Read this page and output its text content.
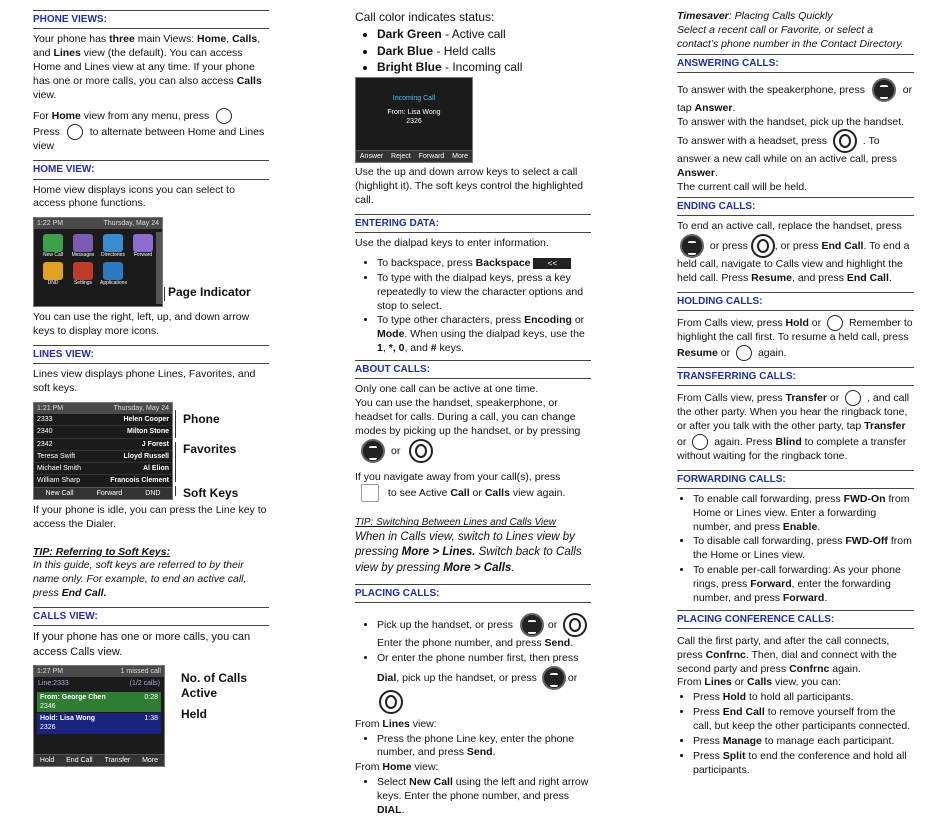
PHONE VIEWS:

Your phone has three main Views: Home, Calls, and Lines view (the default). You can access Home and Lines view at any time. If your phone has one or more calls, you can also access Calls view.

For Home view from any menu, press

Press	to alternate between Home and Lines view

HOME VIEW:

Home view displays icons you can select to access phone functions.

1:22 PM	Thursday, May 24
New Call	Messages	Directories	Forward
DND	Settings	Applications
Page Indicator

You can use the right, left, up, and down arrow keys to display more icons.

LINES VIEW:

Lines view displays phone Lines, Favorites, and soft keys.

1:21 PM	Thursday, May 24
2333	Helen Cooper
2340	Milton Stone
2342	J Forest
Teresa Swift	Lloyd Russell
Michael Smith	Al Elion
William Sharp	Francois Clement
New Call	Forward	DND
Phone
Favorites
Soft Keys

If your phone is idle, you can press the Line key to access the Dialer.

TIP: Referring to Soft Keys:

In this guide, soft keys are referred to by their name only. For example, to end an active call, press End Call.

CALLS VIEW:

If your phone has one or more calls, you can access Calls view.

1:27 PM	1 missed call
Line:2333	(1/2 calls)
From: George Chen	0:28
2346
Hold: Lisa Wong	1:38
2326
Hold End Call Transfer More
No. of Calls
Active
Held

Call color indicates status:

• Dark Green - Active call
• Dark Blue - Held calls
• Bright Blue - Incoming call
Incoming Call
From: Lisa Wong
2326
Answer Reject Forward More

Use the up and down arrow keys to select a call (highlight it). The soft keys control the highlighted call.

ENTERING DATA:

Use the dialpad keys to enter information.

• To backspace, press Backspace <<
• To type with the dialpad keys, press a key repeatedly to view the character options and stop to select.
• To type other characters, press Encoding or Mode. When using the dialpad keys, use the 1, *, 0, and # keys.
ABOUT CALLS:

Only one call can be active at one time.

You can use the handset, speakerphone, or headset for calls. During a call, you can change modes by picking up the handset, or by pressing or

If you navigate away from your call(s), press  to see Active Call or Calls view again.

TIP: Switching Between Lines and Calls View

When in Calls view, switch to Lines view by pressing More > Lines. Switch back to Calls view by pressing More > Calls.

PLACING CALLS:
• Pick up the handset, or press	or
Enter the phone number, and press Send.
• Or enter the phone number first, then press
Dial, pick up the handset, or press	or

From Lines view:

• Press the phone Line key, enter the phone number, and press Send.

From Home view:

• Select New Call using the left and right arrow keys. Enter the phone number, and press DIAL.

Timesaver: Placing Calls Quickly

Select a recent call or Favorite, or select a contact’s phone number in the Contact Directory.

ANSWERING CALLS:

To answer with the speakerphone, press	or tap Answer.

To answer with the handset, pick up the handset.

To answer with a headset, press	. To answer a new call while on an active call, press Answer.

The current call will be held.

ENDING CALLS:

To end an active call, replace the handset, press  or press	, or press End Call. To end a held call, navigate to Calls view and highlight the held call. Press Resume, and press End Call.

HOLDING CALLS:

From Calls view, press Hold or	Remember to highlight the call first. To resume a held call, press Resume or	again.

TRANSFERRING CALLS:

From Calls view, press Transfer or	, and call the other party. When you hear the ringback tone, or after you talk with the other party, tap Transfer or	again. Press Blind to complete a transfer without waiting for the ringback tone.

FORWARDING CALLS:
• To enable call forwarding, press FWD-On from Home or Lines view. Enter a forwarding number, and press Enable.
• To disable call forwarding, press FWD-Off from the Home or Lines view.
• To enable per-call forwarding: As your phone rings, press Forward, enter the forwarding number, and press Forward.
PLACING CONFERENCE CALLS:

Call the first party, and after the call connects, press Confrnc. Then, dial and connect with the second party and press Confrnc again.

From Lines or Calls view, you can:

• Press Hold to hold all participants.
• Press End Call to remove yourself from the call, but keep the other participants connected.
• Press Manage to manage each participant.
• Press Split to end the conference and hold all participants.
